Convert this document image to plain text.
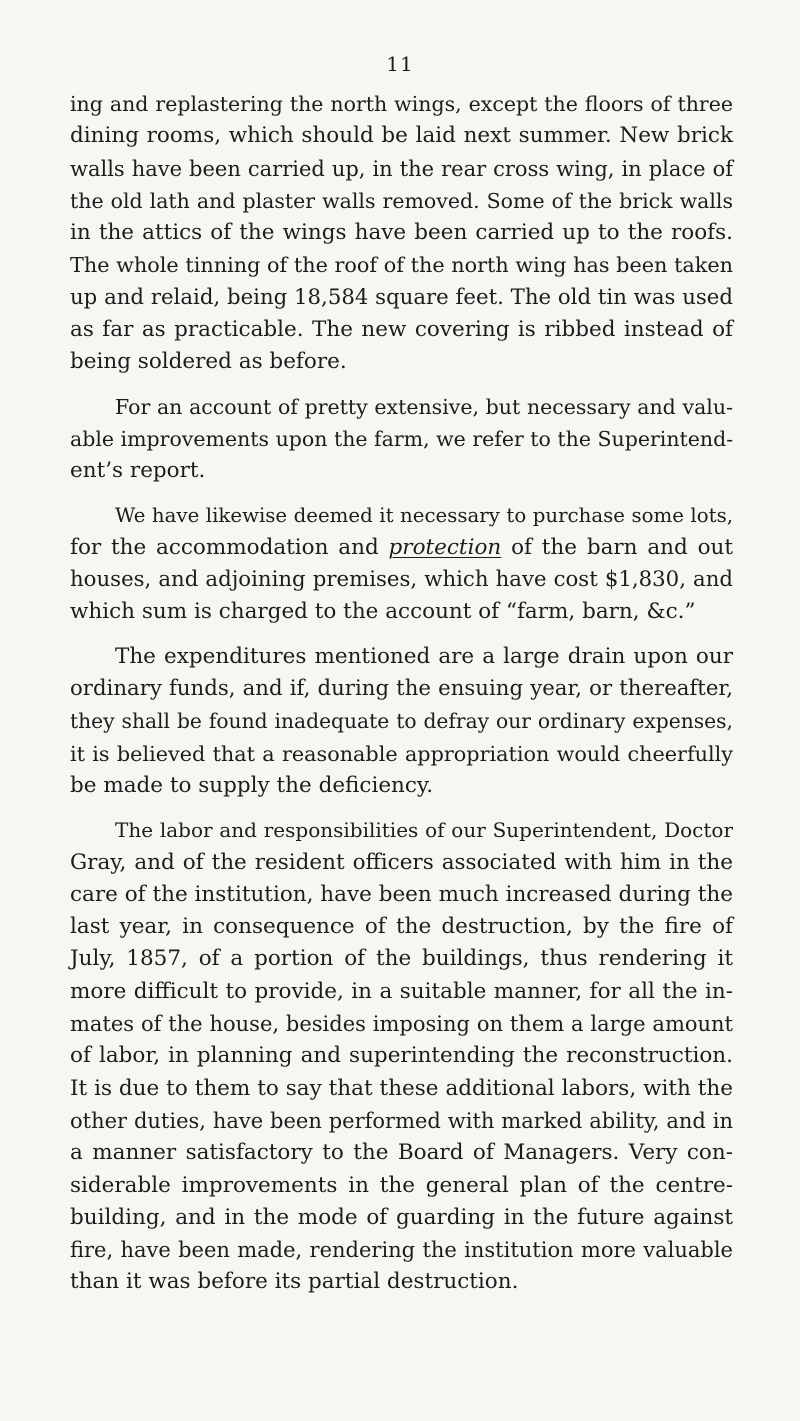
11

ing and replastering the north wings, except the floors of three
dining rooms, which should be laid next summer. New brick
walls have been carried up, in the rear cross wing, in place of
the old lath and plaster walls removed. Some of the brick walls
in the attics of the wings have been carried up to the roofs.
The whole tinning of the roof of the north wing has been taken
up and relaid, being 18,584 square feet. The old tin was used
as far as practicable. The new covering is ribbed instead of
being soldered as before.

For an account of pretty extensive, but necessary and valu-
able improvements upon the farm, we refer to the Superintend-
ent’s report.

We have likewise deemed it necessary to purchase some lots,
for the accommodation and protection of the barn and out
houses, and adjoining premises, which have cost $1,830, and
which sum is charged to the account of “farm, barn, &c.”

The expenditures mentioned are a large drain upon our
ordinary funds, and if, during the ensuing year, or thereafter,
they shall be found inadequate to defray our ordinary expenses,
it is believed that a reasonable appropriation would cheerfully
be made to supply the deficiency.

The labor and responsibilities of our Superintendent, Doctor
Gray, and of the resident officers associated with him in the
care of the institution, have been much increased during the
last year, in consequence of the destruction, by the fire of
July, 1857, of a portion of the buildings, thus rendering it
more difficult to provide, in a suitable manner, for all the in-
mates of the house, besides imposing on them a large amount
of labor, in planning and superintending the reconstruction.
It is due to them to say that these additional labors, with the
other duties, have been performed with marked ability, and in
a manner satisfactory to the Board of Managers. Very con-
siderable improvements in the general plan of the centre-
building, and in the mode of guarding in the future against
fire, have been made, rendering the institution more valuable
than it was before its partial destruction.
